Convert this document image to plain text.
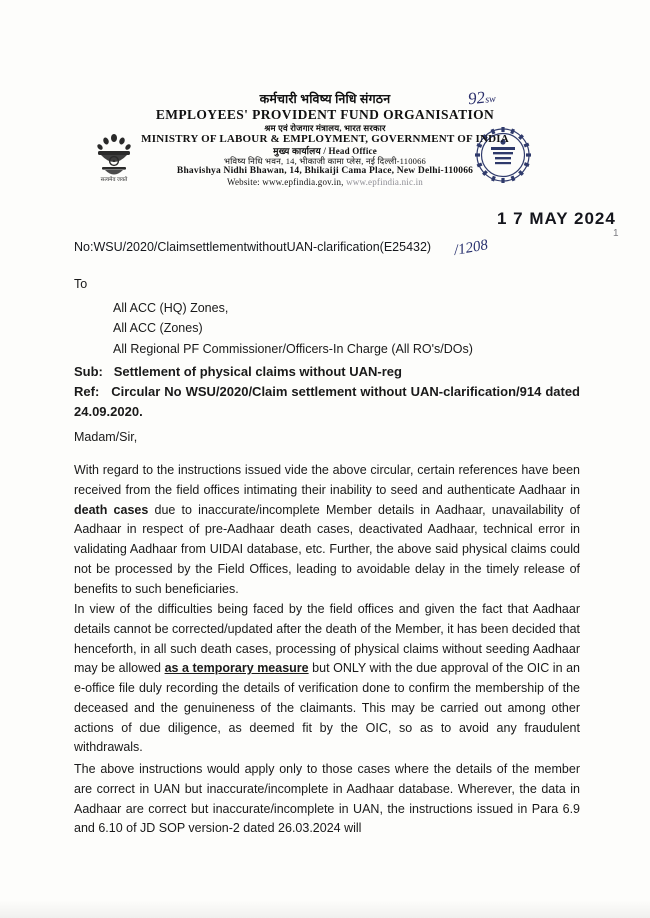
सत्यमेव जयते
कर्मचारी भविष्य निधि संगठन
EMPLOYEES' PROVIDENT FUND ORGANISATION
श्रम एवं रोजगार मंत्रालय, भारत सरकार
MINISTRY OF LABOUR & EMPLOYMENT, GOVERNMENT OF INDIA
मुख्य कार्यालय / Head Office
भविष्य निधि भवन, 14, भीकाजी कामा प्लेस, नई दिल्ली-110066
Bhavishya Nidhi Bhawan, 14, Bhikaiji Cama Place, New Delhi-110066
Website: www.epfindia.gov.in, www.epfindia.nic.in
92sw
1 7 MAY 2024
1
No:WSU/2020/ClaimsettlementwithoutUAN-clarification(E25432) /1208
To
All ACC (HQ) Zones,
All ACC (Zones)
All Regional PF Commissioner/Officers-In Charge (All RO's/DOs)
Sub: Settlement of physical claims without UAN-reg
Ref: Circular No WSU/2020/Claim settlement without UAN-clarification/914 dated 24.09.2020.
Madam/Sir,
With regard to the instructions issued vide the above circular, certain references have been received from the field offices intimating their inability to seed and authenticate Aadhaar in death cases due to inaccurate/incomplete Member details in Aadhaar, unavailability of Aadhaar in respect of pre-Aadhaar death cases, deactivated Aadhaar, technical error in validating Aadhaar from UIDAI database, etc. Further, the above said physical claims could not be processed by the Field Offices, leading to avoidable delay in the timely release of benefits to such beneficiaries.
In view of the difficulties being faced by the field offices and given the fact that Aadhaar details cannot be corrected/updated after the death of the Member, it has been decided that henceforth, in all such death cases, processing of physical claims without seeding Aadhaar may be allowed as a temporary measure but ONLY with the due approval of the OIC in an e-office file duly recording the details of verification done to confirm the membership of the deceased and the genuineness of the claimants. This may be carried out among other actions of due diligence, as deemed fit by the OIC, so as to avoid any fraudulent withdrawals.
The above instructions would apply only to those cases where the details of the member are correct in UAN but inaccurate/incomplete in Aadhaar database. Wherever, the data in Aadhaar are correct but inaccurate/incomplete in UAN, the instructions issued in Para 6.9 and 6.10 of JD SOP version-2 dated 26.03.2024 will
